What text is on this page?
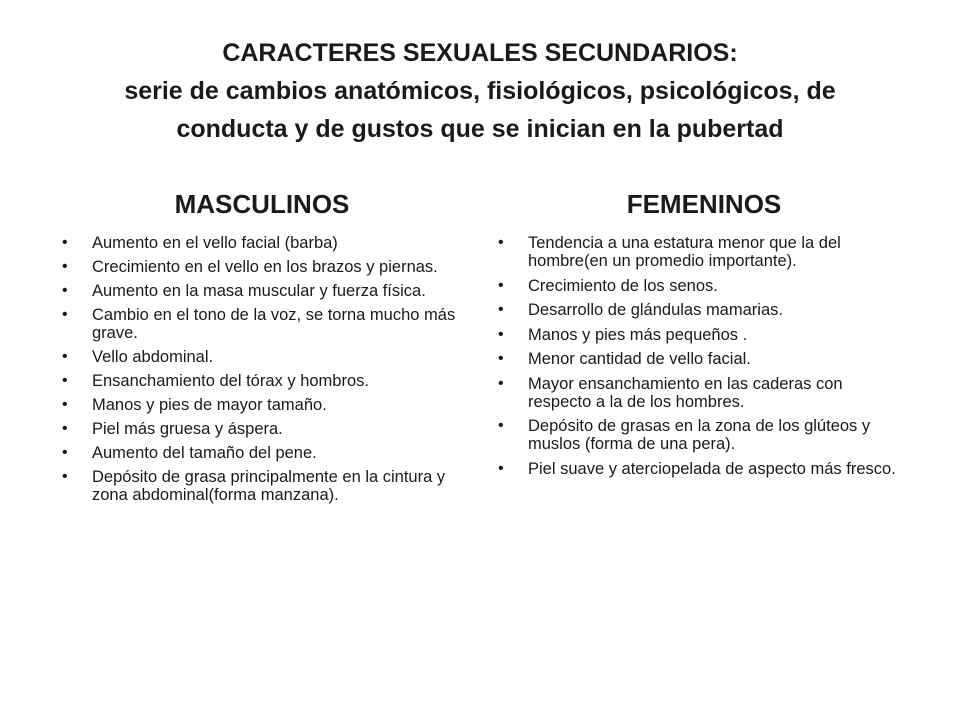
CARACTERES SEXUALES SECUNDARIOS:
serie de cambios anatómicos, fisiológicos, psicológicos, de
conducta y de gustos que se inician en la pubertad
MASCULINOS
•	Aumento en el vello facial (barba)
•	Crecimiento en el vello en los brazos y piernas.
•	Aumento en la masa muscular y fuerza física.
•	Cambio en el tono de la voz, se torna mucho más grave.
•	Vello abdominal.
•	Ensanchamiento del tórax y hombros.
•	Manos y pies de mayor tamaño.
•	Piel más gruesa y áspera.
•	Aumento del tamaño del pene.
•	Depósito de grasa principalmente en la cintura y zona abdominal(forma manzana).
FEMENINOS
•	Tendencia a una estatura menor que la del hombre(en un promedio importante).
•	Crecimiento de los senos.
•	Desarrollo de glándulas mamarias.
•	Manos y pies más pequeños .
•	Menor cantidad de vello facial.
•	Mayor ensanchamiento en las caderas con respecto a la de los hombres.
•	Depósito de grasas en la zona de los glúteos y muslos (forma de una pera).
•	Piel suave y aterciopelada de aspecto más fresco.
